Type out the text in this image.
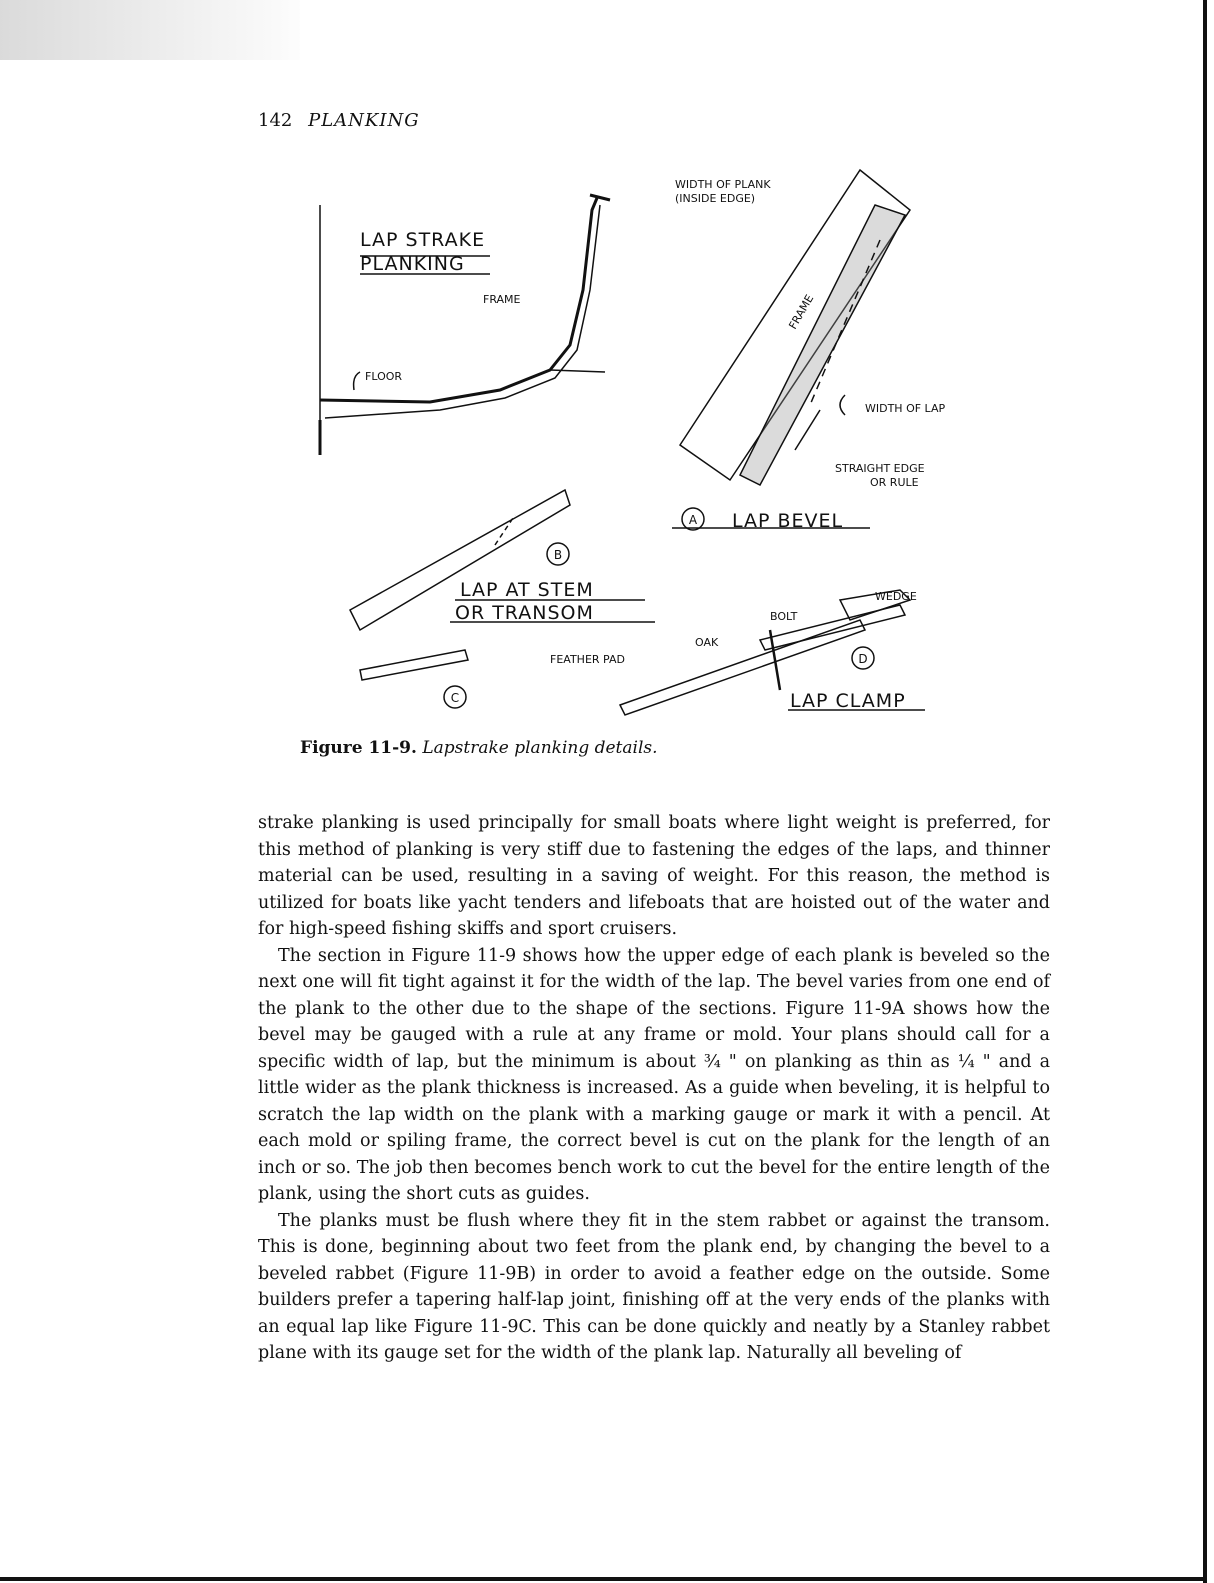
142 PLANKING
LAP STRAKE
PLANKING
FRAME
FLOOR
WIDTH OF PLANK
(INSIDE EDGE)
FRAME
WIDTH OF LAP
STRAIGHT EDGE
OR RULE
A LAP BEVEL
B
LAP AT STEM
OR TRANSOM
WEDGE
BOLT
OAK
FEATHER PAD	D
LAP CLAMP
C
Figure 11-9. Lapstrake planking details.

strake planking is used principally for small boats where light weight is preferred, for this method of planking is very stiff due to fastening the edges of the laps, and thinner material can be used, resulting in a saving of weight. For this reason, the method is utilized for boats like yacht tenders and lifeboats that are hoisted out of the water and for high-speed fishing skiffs and sport cruisers.

The section in Figure 11-9 shows how the upper edge of each plank is beveled so the next one will fit tight against it for the width of the lap. The bevel varies from one end of the plank to the other due to the shape of the sections. Figure 11-9A shows how the bevel may be gauged with a rule at any frame or mold. Your plans should call for a specific width of lap, but the minimum is about ¾ " on planking as thin as ¼ " and a little wider as the plank thickness is increased. As a guide when beveling, it is helpful to scratch the lap width on the plank with a marking gauge or mark it with a pencil. At each mold or spiling frame, the correct bevel is cut on the plank for the length of an inch or so. The job then becomes bench work to cut the bevel for the entire length of the plank, using the short cuts as guides.

The planks must be flush where they fit in the stem rabbet or against the transom. This is done, beginning about two feet from the plank end, by changing the bevel to a beveled rabbet (Figure 11-9B) in order to avoid a feather edge on the outside. Some builders prefer a tapering half-lap joint, finishing off at the very ends of the planks with an equal lap like Figure 11-9C. This can be done quickly and neatly by a Stanley rabbet plane with its gauge set for the width of the plank lap. Naturally all beveling of
